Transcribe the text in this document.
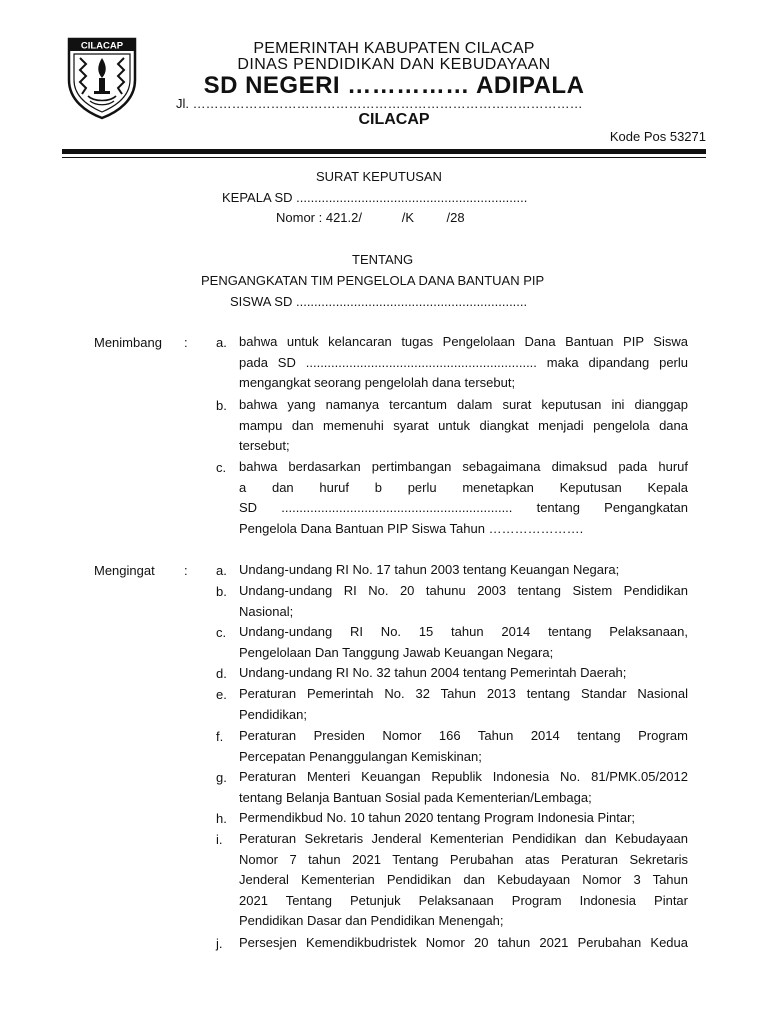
CILACAP	PEMERINTAH KABUPATEN CILACAP
DINAS PENDIDIKAN DAN KEBUDAYAAN
SD NEGERI …………… ADIPALA
Jl. ………………………………………………………………………………
CILACAP
Kode Pos 53271
SURAT KEPUTUSAN
KEPALA SD ................................................................
Nomor : 421.2/           /K         /28
TENTANG
PENGANGKATAN TIM PENGELOLA DANA BANTUAN PIP
SISWA SD ................................................................
Menimbang : a. bahwa untuk kelancaran tugas Pengelolaan Dana Bantuan PIP Siswa
pada SD ................................................................ maka dipandang perlu
mengangkat seorang pengelolah dana tersebut;
b. bahwa yang namanya tercantum dalam surat keputusan ini dianggap
mampu dan memenuhi syarat untuk diangkat menjadi pengelola dana
tersebut;
c. bahwa berdasarkan pertimbangan sebagaimana dimaksud pada huruf
a dan huruf b perlu menetapkan Keputusan Kepala
SD ................................................................ tentang Pengangkatan
Pengelola Dana Bantuan PIP Siswa Tahun ………………….
Mengingat : a. Undang-undang RI No. 17 tahun 2003 tentang Keuangan Negara;
b. Undang-undang RI No. 20 tahunu 2003 tentang Sistem Pendidikan
Nasional;
c. Undang-undang RI No. 15 tahun 2014 tentang Pelaksanaan,
Pengelolaan Dan Tanggung Jawab Keuangan Negara;
d. Undang-undang RI No. 32 tahun 2004 tentang Pemerintah Daerah;
e. Peraturan Pemerintah No. 32 Tahun 2013 tentang Standar Nasional
Pendidikan;
f. Peraturan Presiden Nomor 166 Tahun 2014 tentang Program
Percepatan Penanggulangan Kemiskinan;
g. Peraturan Menteri Keuangan Republik Indonesia No. 81/PMK.05/2012
tentang Belanja Bantuan Sosial pada Kementerian/Lembaga;
h. Permendikbud No. 10 tahun 2020 tentang Program Indonesia Pintar;
i. Peraturan Sekretaris Jenderal Kementerian Pendidikan dan Kebudayaan
Nomor 7 tahun 2021 Tentang Perubahan atas Peraturan Sekretaris
Jenderal Kementerian Pendidikan dan Kebudayaan Nomor 3 Tahun
2021 Tentang Petunjuk Pelaksanaan Program Indonesia Pintar
Pendidikan Dasar dan Pendidikan Menengah;
j. Persesjen Kemendikbudristek Nomor 20 tahun 2021 Perubahan Kedua
